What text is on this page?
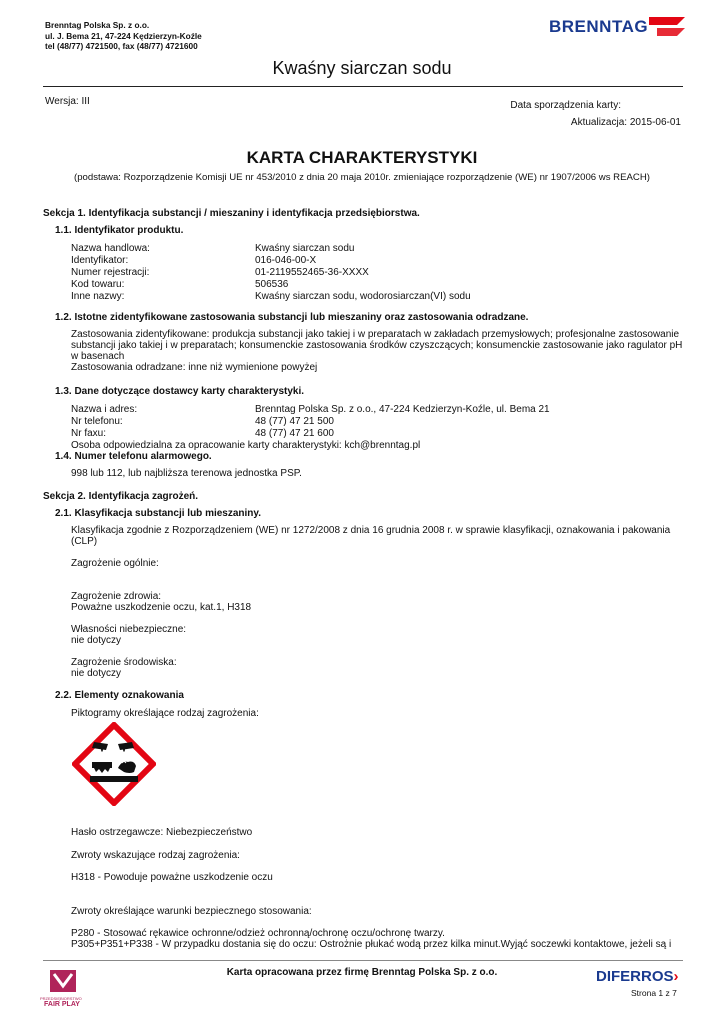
Brenntag Polska Sp. z o.o.
ul. J. Bema 21, 47-224 Kędzierzyn-Koźle
tel (48/77) 4721500, fax (48/77) 4721600
BRENNTAG
Kwaśny siarczan sodu
Wersja: III	Data sporządzenia karty:
Aktualizacja: 2015-06-01
KARTA CHARAKTERYSTYKI
(podstawa: Rozporządzenie Komisji UE nr 453/2010 z dnia 20 maja 2010r. zmieniające rozporządzenie (WE) nr 1907/2006 ws REACH)
Sekcja 1. Identyfikacja substancji / mieszaniny i identyfikacja przedsiębiorstwa.
1.1. Identyfikator produktu.
Nazwa handlowa:	Kwaśny siarczan sodu
Identyfikator:	016-046-00-X
Numer rejestracji:	01-2119552465-36-XXXX
Kod towaru:	506536
Inne nazwy:	Kwaśny siarczan sodu, wodorosiarczan(VI) sodu
1.2. Istotne zidentyfikowane zastosowania substancji lub mieszaniny oraz zastosowania odradzane.
Zastosowania zidentyfikowane: produkcja substancji jako takiej i w preparatach w zakładach przemysłowych; profesjonalne zastosowanie
substancji jako takiej i w preparatach; konsumenckie zastosowania środków czyszczących; konsumenckie zastosowanie jako ragulator pH
w basenach
Zastosowania odradzane: inne niż wymienione powyżej
1.3. Dane dotyczące dostawcy karty charakterystyki.
Nazwa i adres:	Brenntag Polska Sp. z o.o., 47-224 Kedzierzyn-Koźle, ul. Bema 21
Nr telefonu:	48 (77) 47 21 500
Nr faxu:	48 (77) 47 21 600
Osoba odpowiedzialna za opracowanie karty charakterystyki: kch@brenntag.pl
1.4. Numer telefonu alarmowego.
998 lub 112, lub najbliższa terenowa jednostka PSP.
Sekcja 2. Identyfikacja zagrożeń.
2.1. Klasyfikacja substancji lub mieszaniny.
Klasyfikacja zgodnie z Rozporządzeniem (WE) nr 1272/2008 z dnia 16 grudnia 2008 r. w sprawie klasyfikacji, oznakowania i pakowania
(CLP)
Zagrożenie ogólnie:
Zagrożenie zdrowia:
Poważne uszkodzenie oczu, kat.1, H318
Własności niebezpieczne:
nie dotyczy
Zagrożenie środowiska:
nie dotyczy
2.2. Elementy oznakowania
Piktogramy określające rodzaj zagrożenia:
Hasło ostrzegawcze: Niebezpieczeństwo
Zwroty wskazujące rodzaj zagrożenia:
H318 - Powoduje poważne uszkodzenie oczu
Zwroty określające warunki bezpiecznego stosowania:
P280 - Stosować rękawice ochronne/odzież ochronną/ochronę oczu/ochronę twarzy.
P305+P351+P338 - W przypadku dostania się do oczu: Ostrożnie płukać wodą przez kilka minut.Wyjąć soczewki kontaktowe, jeżeli są i
PRZEDSIĘBIORSTWO
FAIR PLAY
Karta opracowana przez firmę Brenntag Polska Sp. z o.o.	DIFERROS›
Strona 1 z 7
